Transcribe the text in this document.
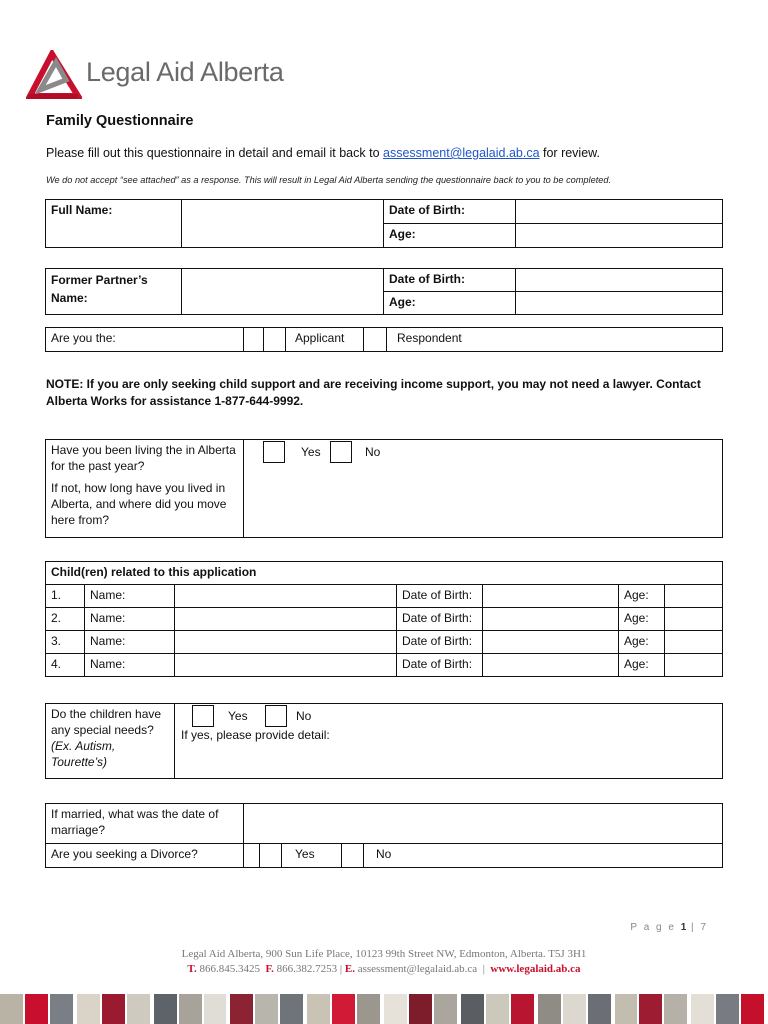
Legal Aid Alberta
Family Questionnaire
Please fill out this questionnaire in detail and email it back to assessment@legalaid.ab.ca for review.
We do not accept “see attached” as a response. This will result in Legal Aid Alberta sending the questionnaire back to you to be completed.
Full Name:		Date of Birth:	
		Age:	
Former Partner’s Name:		Date of Birth:	
		Age:	
Are you the:			Applicant		Respondent
NOTE: If you are only seeking child support and are receiving income support, you may not need a lawyer. Contact Alberta Works for assistance 1-877-644-9992.
Have you been living the in Alberta for the past year?
If not, how long have you lived in Alberta, and where did you move here from?

Yes	No
Child(ren) related to this application						
1.	Name:		Date of Birth:		Age:	
2.	Name:		Date of Birth:		Age:	
3.	Name:		Date of Birth:		Age:	
4.	Name:		Date of Birth:		Age:	
Do the children have any special needs? (Ex. Autism, Tourette’s)	
Yes	No
If yes, please provide detail:
If married, what was the date of marriage?					
Are you seeking a Divorce?			Yes		No
P a g e 1 | 7
Legal Aid Alberta, 900 Sun Life Place, 10123 99th Street NW, Edmonton, Alberta. T5J 3H1
T. 866.845.3425 F. 866.382.7253 | E. assessment@legalaid.ab.ca  |  www.legalaid.ab.ca
